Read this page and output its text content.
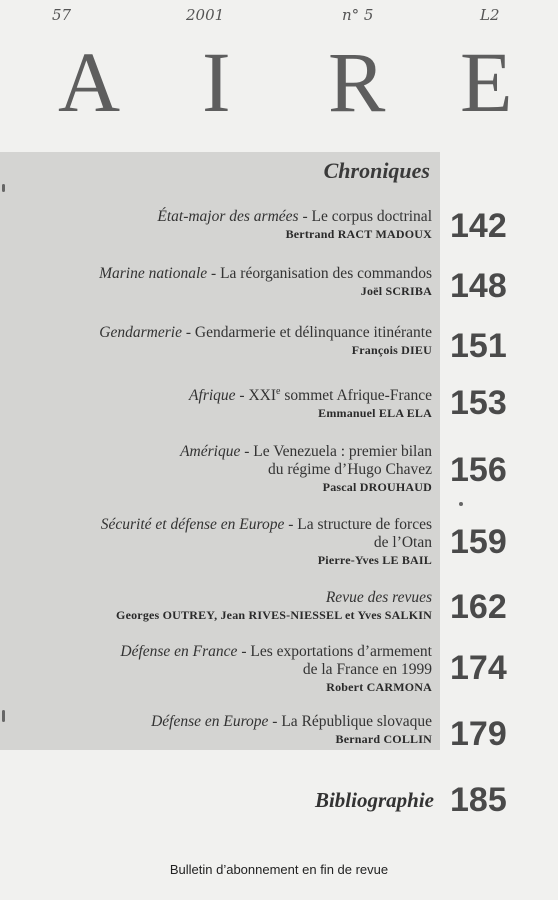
57	2001	n° 5	L2
A I R E
Chroniques
État-major des armées - Le corpus doctrinal
Bertrand RACT MADOUX 142
Marine nationale - La réorganisation des commandos
Joël SCRIBA 148
Gendarmerie - Gendarmerie et délinquance itinérante
François DIEU 151
Afrique - XXIe sommet Afrique-France
Emmanuel ELA ELA 153
Amérique - Le Venezuela : premier bilan
du régime d’Hugo Chavez
Pascal DROUHAUD 156
Sécurité et défense en Europe - La structure de forces
de l’Otan
Pierre-Yves LE BAIL 159
Revue des revues
Georges OUTREY, Jean RIVES-NIESSEL et Yves SALKIN 162
Défense en France - Les exportations d’armement
de la France en 1999
Robert CARMONA 174
Défense en Europe - La République slovaque
Bernard COLLIN 179
Bibliographie 185
Bulletin d’abonnement en fin de revue
